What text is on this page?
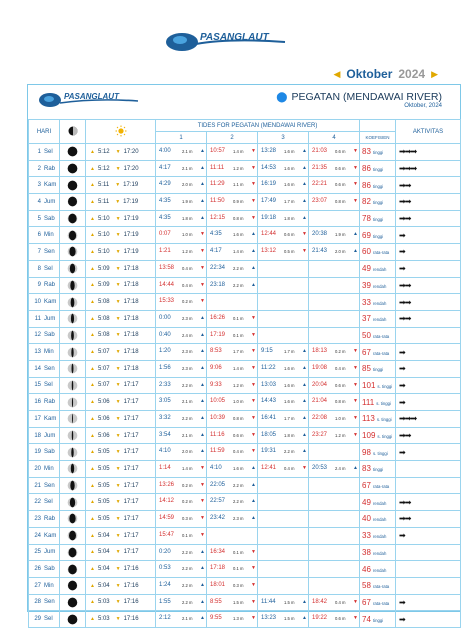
PASANGLAUT
◀ Oktober 2024 ▶
PASANGLAUT	⬤ PEGATAN (MENDAWAI RIVER)
Oktober, 2024
HARI			TIDES FOR PEGATAN (MENDAWAI RIVER)					AKTIVITAS
			1	2	3	4	KOEFISIEN	
1 Sel		▲ 5:12 ▼ 17:20	4:00 2.1 m ▲	10:57 1.4 m ▼	13:28 1.6 m ▲	21:03 0.6 m ▼	83 tinggi	➡➡➡
2 Rab		▲ 5:12 ▼ 17:20	4:17 2.1 m ▲	11:11 1.2 m ▼	14:53 1.6 m ▲	21:35 0.6 m ▼	86 tinggi	➡➡➡
3 Kam		▲ 5:11 ▼ 17:19	4:29 2.0 m ▲	11:29 1.1 m ▼	16:19 1.6 m ▲	22:21 0.6 m ▼	86 tinggi	➡➡
4 Jum		▲ 5:11 ▼ 17:19	4:35 1.9 m ▲	11:50 0.9 m ▼	17:49 1.7 m ▲	23:07 0.8 m ▼	82 tinggi	➡➡
5 Sab		▲ 5:10 ▼ 17:19	4:35 1.8 m ▲	12:15 0.8 m ▼	19:18 1.8 m ▲		78 tinggi	➡➡
6 Min		▲ 5:10 ▼ 17:19	0:07 1.0 m ▼	4:35 1.6 m ▲	12:44 0.6 m ▼	20:38 1.9 m ▲	69 tinggi	➡
7 Sen		▲ 5:10 ▼ 17:19	1:21 1.2 m ▼	4:17 1.4 m ▲	13:12 0.5 m ▼	21:43 2.0 m ▲	60 rata-rata	➡
8 Sel		▲ 5:09 ▼ 17:18	13:58 0.4 m ▼	22:34 2.2 m ▲			49 rendah	➡
9 Rab		▲ 5:09 ▼ 17:18	14:44 0.4 m ▼	23:18 2.2 m ▲			39 rendah	➡➡
10 Kam		▲ 5:08 ▼ 17:18	15:33 0.2 m ▼				33 rendah	➡➡
11 Jum		▲ 5:08 ▼ 17:18	0:00 2.3 m ▲	16:26 0.1 m ▼			37 rendah	➡➡
12 Sab		▲ 5:08 ▼ 17:18	0:40 2.4 m ▲	17:19 0.1 m ▼			50 rata-rata	
13 Min		▲ 5:07 ▼ 17:18	1:20 2.3 m ▲	8:53 1.7 m ▼	9:15 1.7 m ▲	18:13 0.2 m ▼	67 rata-rata	➡
14 Sen		▲ 5:07 ▼ 17:18	1:56 2.3 m ▲	9:06 1.4 m ▼	11:22 1.6 m ▲	19:08 0.4 m ▼	85 tinggi	➡
15 Sel		▲ 5:07 ▼ 17:17	2:33 2.2 m ▲	9:33 1.2 m ▼	13:03 1.6 m ▲	20:04 0.6 m ▼	101 s. tinggi	➡
16 Rab		▲ 5:06 ▼ 17:17	3:05 2.1 m ▲	10:05 1.0 m ▼	14:43 1.6 m ▲	21:04 0.8 m ▼	111 s. tinggi	➡
17 Kam		▲ 5:06 ▼ 17:17	3:32 2.2 m ▲	10:39 0.8 m ▼	16:41 1.7 m ▲	22:08 1.0 m ▼	113 s. tinggi	➡➡➡
18 Jum		▲ 5:06 ▼ 17:17	3:54 2.1 m ▲	11:16 0.6 m ▼	18:05 1.8 m ▲	23:27 1.2 m ▼	109 s. tinggi	➡➡
19 Sab		▲ 5:05 ▼ 17:17	4:10 2.0 m ▲	11:59 0.4 m ▼	19:31 2.2 m ▲		98 s. tinggi	➡
20 Min		▲ 5:05 ▼ 17:17	1:14 1.4 m ▼	4:10 1.6 m ▲	12:41 0.4 m ▼	20:53 2.4 m ▲	83 tinggi	
21 Sen		▲ 5:05 ▼ 17:17	13:26 0.2 m ▼	22:05 2.2 m ▲			67 rata-rata	
22 Sel		▲ 5:05 ▼ 17:17	14:12 0.2 m ▼	22:57 2.2 m ▲			49 rendah	➡➡
23 Rab		▲ 5:05 ▼ 17:17	14:59 0.3 m ▼	23:42 2.3 m ▲			40 rendah	➡➡
24 Kam		▲ 5:04 ▼ 17:17	15:47 0.1 m ▼				33 rendah	➡
25 Jum		▲ 5:04 ▼ 17:17	0:20 2.2 m ▲	16:34 0.1 m ▼			38 rendah	
26 Sab		▲ 5:04 ▼ 17:16	0:53 2.2 m ▲	17:18 0.1 m ▼			46 rendah	
27 Min		▲ 5:04 ▼ 17:16	1:24 2.2 m ▲	18:01 0.3 m ▼			58 rata-rata	
28 Sen		▲ 5:03 ▼ 17:16	1:55 2.2 m ▲	8:55 1.5 m ▼	11:44 1.5 m ▲	18:42 0.4 m ▼	67 rata-rata	➡
29 Sel		▲ 5:03 ▼ 17:16	2:12 2.1 m ▲	9:55 1.3 m ▼	13:23 1.5 m ▲	19:22 0.6 m ▼	74 tinggi	➡
